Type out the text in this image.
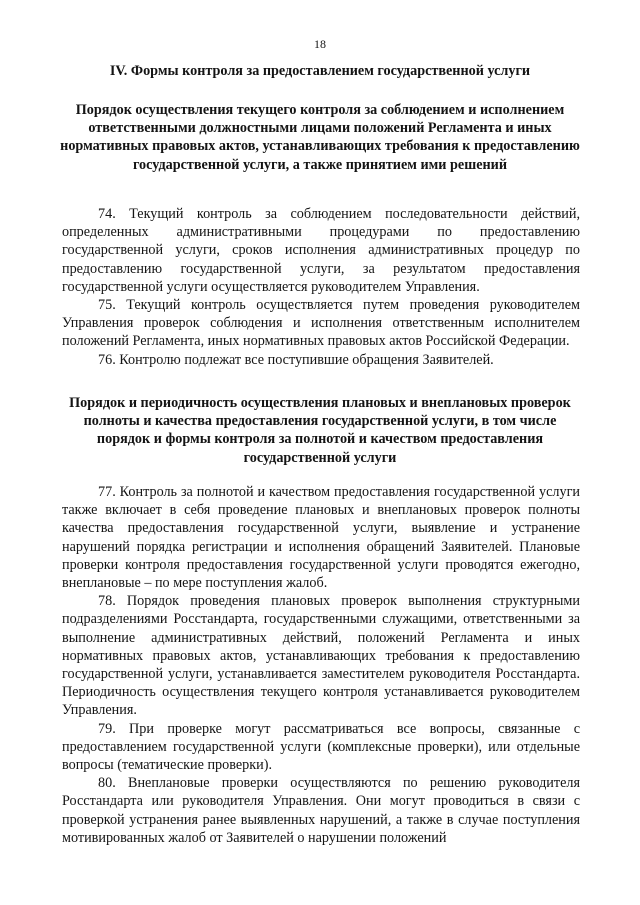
18
IV. Формы контроля за предоставлением государственной услуги
Порядок осуществления текущего контроля за соблюдением и исполнением ответственными должностными лицами положений Регламента и иных нормативных правовых актов, устанавливающих требования к предоставлению государственной услуги, а также принятием ими решений

74. Текущий контроль за соблюдением последовательности действий, определенных административными процедурами по предоставлению государственной услуги, сроков исполнения административных процедур по предоставлению государственной услуги, за результатом предоставления государственной услуги осуществляется руководителем Управления.

75. Текущий контроль осуществляется путем проведения руководителем Управления проверок соблюдения и исполнения ответственным исполнителем положений Регламента, иных нормативных правовых актов Российской Федерации.

76. Контролю подлежат все поступившие обращения Заявителей.

Порядок и периодичность осуществления плановых и внеплановых проверок полноты и качества предоставления государственной услуги, в том числе порядок и формы контроля за полнотой и качеством предоставления государственной услуги

77. Контроль за полнотой и качеством предоставления государственной услуги также включает в себя проведение плановых и внеплановых проверок полноты качества предоставления государственной услуги, выявление и устранение нарушений порядка регистрации и исполнения обращений Заявителей. Плановые проверки контроля предоставления государственной услуги проводятся ежегодно, внеплановые – по мере поступления жалоб.

78. Порядок проведения плановых проверок выполнения структурными подразделениями Росстандарта, государственными служащими, ответственными за выполнение административных действий, положений Регламента и иных нормативных правовых актов, устанавливающих требования к предоставлению государственной услуги, устанавливается заместителем руководителя Росстандарта. Периодичность осуществления текущего контроля устанавливается руководителем Управления.

79. При проверке могут рассматриваться все вопросы, связанные с предоставлением государственной услуги (комплексные проверки), или отдельные вопросы (тематические проверки).

80. Внеплановые проверки осуществляются по решению руководителя Росстандарта или руководителя Управления. Они могут проводиться в связи с проверкой устранения ранее выявленных нарушений, а также в случае поступления мотивированных жалоб от Заявителей о нарушении положений
